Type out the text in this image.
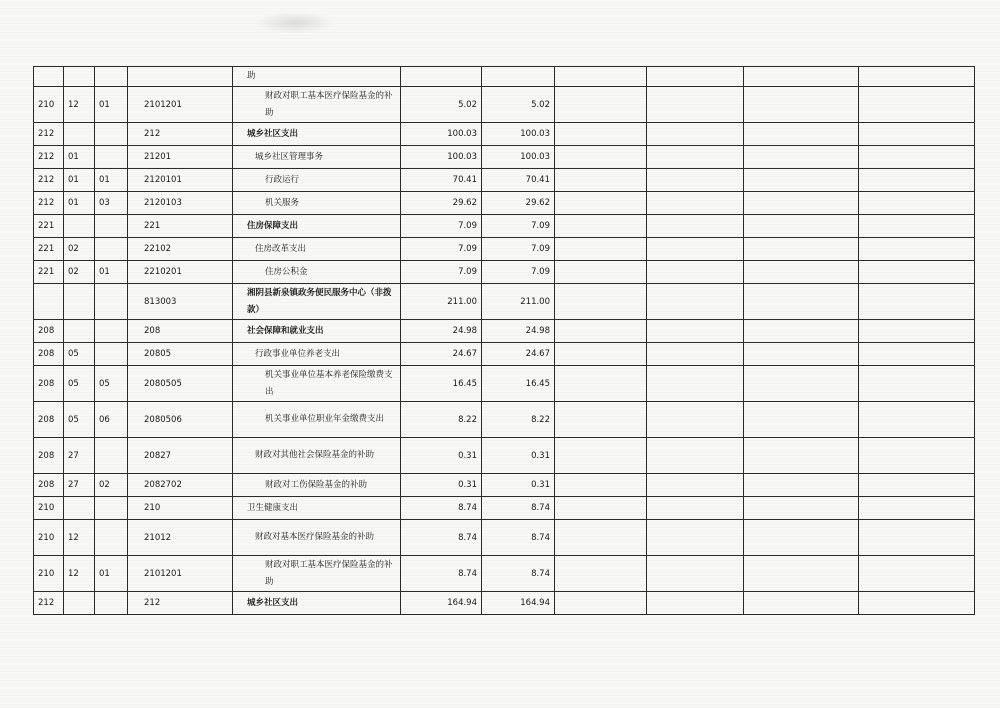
				助						
210	12	01	2101201	财政对职工基本医疗保险基金的补助	5.02	5.02				
212			212	城乡社区支出	100.03	100.03				
212	01		21201	城乡社区管理事务	100.03	100.03				
212	01	01	2120101	行政运行	70.41	70.41				
212	01	03	2120103	机关服务	29.62	29.62				
221			221	住房保障支出	7.09	7.09				
221	02		22102	住房改革支出	7.09	7.09				
221	02	01	2210201	住房公积金	7.09	7.09				
			813003	湘阴县新泉镇政务便民服务中心（非拨款）	211.00	211.00				
208			208	社会保障和就业支出	24.98	24.98				
208	05		20805	行政事业单位养老支出	24.67	24.67				
208	05	05	2080505	机关事业单位基本养老保险缴费支出	16.45	16.45				
208	05	06	2080506	机关事业单位职业年金缴费支出	8.22	8.22				
208	27		20827	财政对其他社会保险基金的补助	0.31	0.31				
208	27	02	2082702	财政对工伤保险基金的补助	0.31	0.31				
210			210	卫生健康支出	8.74	8.74				
210	12		21012	财政对基本医疗保险基金的补助	8.74	8.74				
210	12	01	2101201	财政对职工基本医疗保险基金的补助	8.74	8.74				
212			212	城乡社区支出	164.94	164.94				
